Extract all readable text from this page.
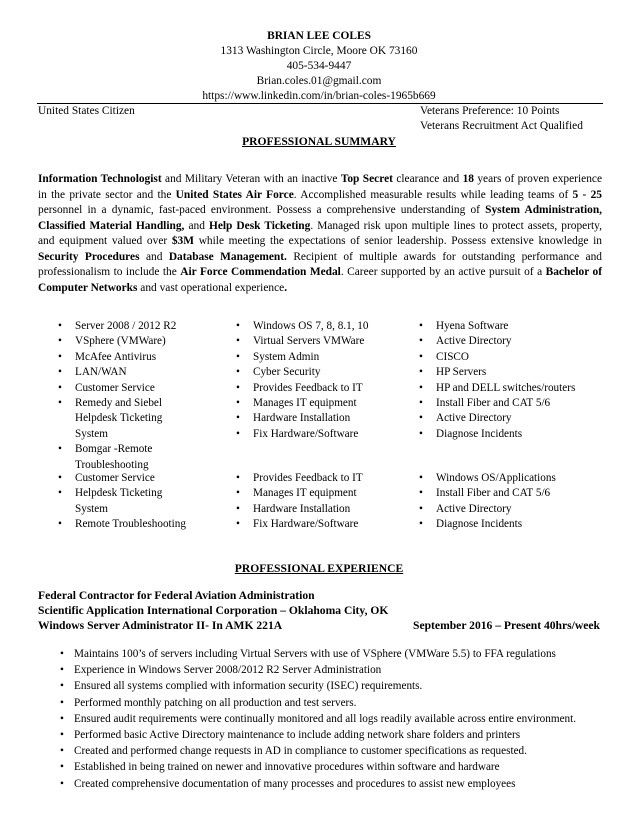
BRIAN LEE COLES
1313 Washington Circle, Moore OK 73160
405-534-9447
Brian.coles.01@gmail.com
https://www.linkedin.com/in/brian-coles-1965b669
United States Citizen	Veterans Preference: 10 Points
Veterans Recruitment Act Qualified
PROFESSIONAL SUMMARY
Information Technologist and Military Veteran with an inactive Top Secret clearance and 18 years of proven experience in the private sector and the United States Air Force. Accomplished measurable results while leading teams of 5 - 25 personnel in a dynamic, fast-paced environment. Possess a comprehensive understanding of System Administration, Classified Material Handling, and Help Desk Ticketing. Managed risk upon multiple lines to protect assets, property, and equipment valued over $3M while meeting the expectations of senior leadership. Possess extensive knowledge in Security Procedures and Database Management. Recipient of multiple awards for outstanding performance and professionalism to include the Air Force Commendation Medal. Career supported by an active pursuit of a Bachelor of Computer Networks and vast operational experience.
• Server 2008 / 2012 R2
• VSphere (VMWare)
• McAfee Antivirus
• LAN/WAN
• Customer Service
• Remedy and Siebel Helpdesk Ticketing System
• Bomgar -Remote Troubleshooting
• Windows OS 7, 8, 8.1, 10
• Virtual Servers VMWare
• System Admin
• Cyber Security
• Provides Feedback to IT
• Manages IT equipment
• Hardware Installation
• Fix Hardware/Software
• Hyena Software
• Active Directory
• CISCO
• HP Servers
• HP and DELL switches/routers
• Install Fiber and CAT 5/6
• Active Directory
• Diagnose Incidents
• Customer Service
• Helpdesk Ticketing System
• Remote Troubleshooting
• Provides Feedback to IT
• Manages IT equipment
• Hardware Installation
• Fix Hardware/Software
• Windows OS/Applications
• Install Fiber and CAT 5/6
• Active Directory
• Diagnose Incidents
PROFESSIONAL EXPERIENCE
Federal Contractor for Federal Aviation Administration
Scientific Application International Corporation – Oklahoma City, OK
Windows Server Administrator II- In AMK 221A	September 2016 – Present 40hrs/week
• Maintains 100’s of servers including Virtual Servers with use of VSphere (VMWare 5.5) to FFA regulations
• Experience in Windows Server 2008/2012 R2 Server Administration
• Ensured all systems complied with information security (ISEC) requirements.
• Performed monthly patching on all production and test servers.
• Ensured audit requirements were continually monitored and all logs readily available across entire environment.
• Performed basic Active Directory maintenance to include adding network share folders and printers
• Created and performed change requests in AD in compliance to customer specifications as requested.
• Established in being trained on newer and innovative procedures within software and hardware
• Created comprehensive documentation of many processes and procedures to assist new employees
